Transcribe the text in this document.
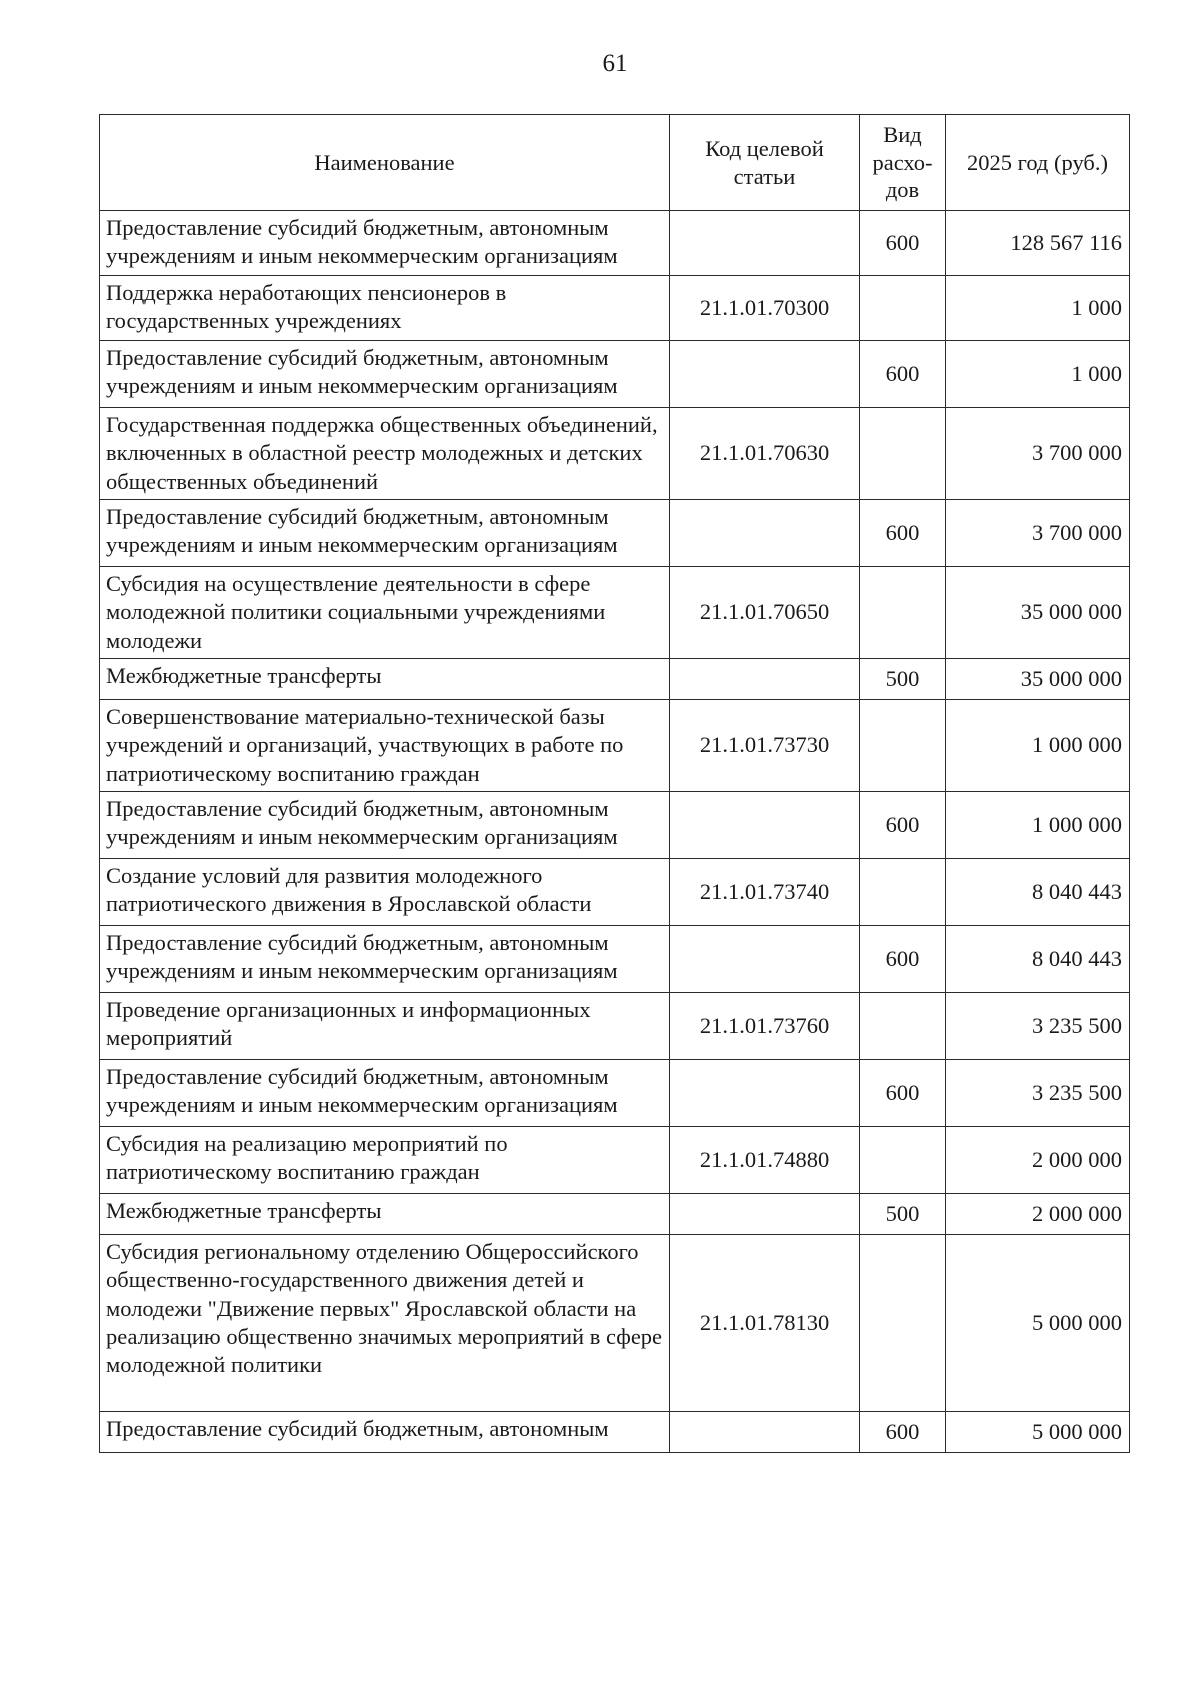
61
Наименование	Код целевой статьи	Вид расхо-дов	2025 год (руб.)
Предоставление субсидий бюджетным, автономным учреждениям и иным некоммерческим организациям		600	128 567 116
Поддержка неработающих пенсионеров в государственных учреждениях	21.1.01.70300		1 000
Предоставление субсидий бюджетным, автономным учреждениям и иным некоммерческим организациям		600	1 000
Государственная поддержка общественных объединений, включенных в областной реестр молодежных и детских общественных объединений	21.1.01.70630		3 700 000
Предоставление субсидий бюджетным, автономным учреждениям и иным некоммерческим организациям		600	3 700 000
Субсидия на осуществление деятельности в сфере молодежной политики социальными учреждениями молодежи	21.1.01.70650		35 000 000
Межбюджетные трансферты		500	35 000 000
Совершенствование материально-технической базы учреждений и организаций, участвующих в работе по патриотическому воспитанию граждан	21.1.01.73730		1 000 000
Предоставление субсидий бюджетным, автономным учреждениям и иным некоммерческим организациям		600	1 000 000
Создание условий для развития молодежного патриотического движения в Ярославской области	21.1.01.73740		8 040 443
Предоставление субсидий бюджетным, автономным учреждениям и иным некоммерческим организациям		600	8 040 443
Проведение организационных и информационных мероприятий	21.1.01.73760		3 235 500
Предоставление субсидий бюджетным, автономным учреждениям и иным некоммерческим организациям		600	3 235 500
Субсидия на реализацию мероприятий по патриотическому воспитанию граждан	21.1.01.74880		2 000 000
Межбюджетные трансферты		500	2 000 000
Субсидия региональному отделению Общероссийского общественно-государственного движения детей и молодежи "Движение первых" Ярославской области на реализацию общественно значимых мероприятий в сфере молодежной политики	21.1.01.78130		5 000 000
Предоставление субсидий бюджетным, автономным		600	5 000 000
